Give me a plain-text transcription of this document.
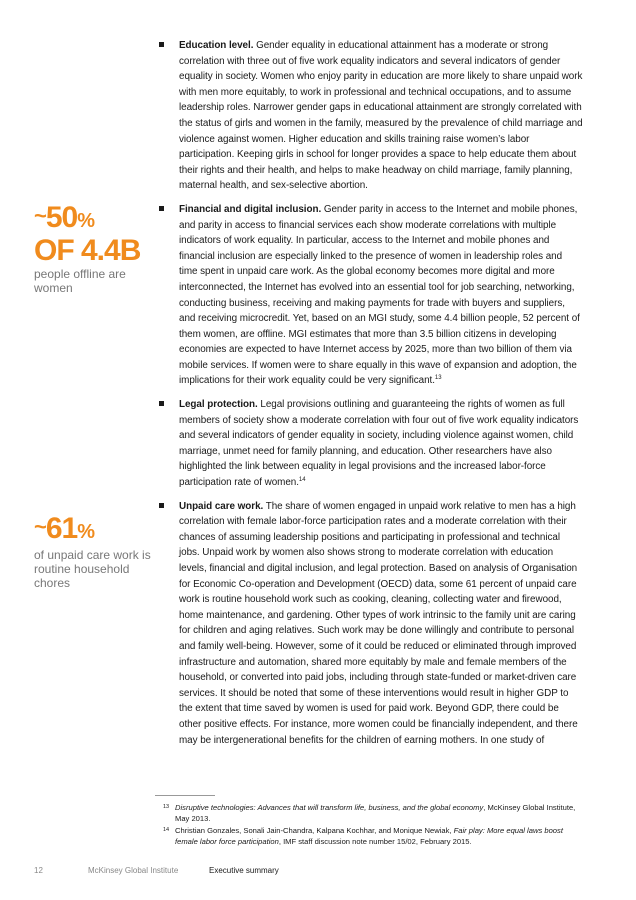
~50%
OF 4.4B
people offline are women
~61%
of unpaid care work is routine household chores

Education level. Gender equality in educational attainment has a moderate or strong correlation with three out of five work equality indicators and several indicators of gender equality in society. Women who enjoy parity in education are more likely to share unpaid work with men more equitably, to work in professional and technical occupations, and to assume leadership roles. Narrower gender gaps in educational attainment are strongly correlated with the status of girls and women in the family, measured by the prevalence of child marriage and violence against women. Higher education and skills training raise women’s labor participation. Keeping girls in school for longer provides a space to help educate them about their rights and their health, and helps to make headway on child marriage, family planning, maternal health, and sex-selective abortion.

Financial and digital inclusion. Gender parity in access to the Internet and mobile phones, and parity in access to financial services each show moderate correlations with multiple indicators of work equality. In particular, access to the Internet and mobile phones and financial inclusion are especially linked to the presence of women in leadership roles and time spent in unpaid care work. As the global economy becomes more digital and more interconnected, the Internet has evolved into an essential tool for job searching, networking, conducting business, receiving and making payments for trade with buyers and suppliers, and receiving microcredit. Yet, based on an MGI study, some 4.4 billion people, 52 percent of them women, are offline. MGI estimates that more than 3.5 billion citizens in developing economies are expected to have Internet access by 2025, more than two billion of them via mobile services. If women were to share equally in this wave of expansion and adoption, the implications for their work equality could be very significant.$^{13}$

Legal protection. Legal provisions outlining and guaranteeing the rights of women as full members of society show a moderate correlation with four out of five work equality indicators and several indicators of gender equality in society, including violence against women, child marriage, unmet need for family planning, and education. Other researchers have also highlighted the link between equality in legal provisions and the increased labor-force participation rate of women.$^{14}$

Unpaid care work. The share of women engaged in unpaid work relative to men has a high correlation with female labor-force participation rates and a moderate correlation with their chances of assuming leadership positions and participating in professional and technical jobs. Unpaid work by women also shows strong to moderate correlation with education levels, financial and digital inclusion, and legal protection. Based on analysis of Organisation for Economic Co-operation and Development (OECD) data, some 61 percent of unpaid care work is routine household work such as cooking, cleaning, collecting water and firewood, home maintenance, and gardening. Other types of work intrinsic to the family unit are caring for children and aging relatives. Such work may be done willingly and contribute to personal and family well-being. However, some of it could be reduced or eliminated through improved infrastructure and automation, shared more equitably by male and female members of the household, or converted into paid jobs, including through state-funded or market-driven care services. It should be noted that some of these interventions would result in higher GDP to the extent that time saved by women is used for paid work. Beyond GDP, there could be other positive effects. For instance, more women could be financially independent, and there may be intergenerational benefits for the children of earning mothers. In one study of

13 Disruptive technologies: Advances that will transform life, business, and the global economy, McKinsey Global Institute, May 2013.
14 Christian Gonzales, Sonali Jain-Chandra, Kalpana Kochhar, and Monique Newiak, Fair play: More equal laws boost female labor force participation, IMF staff discussion note number 15/02, February 2015.
12	McKinsey Global Institute	Executive summary
